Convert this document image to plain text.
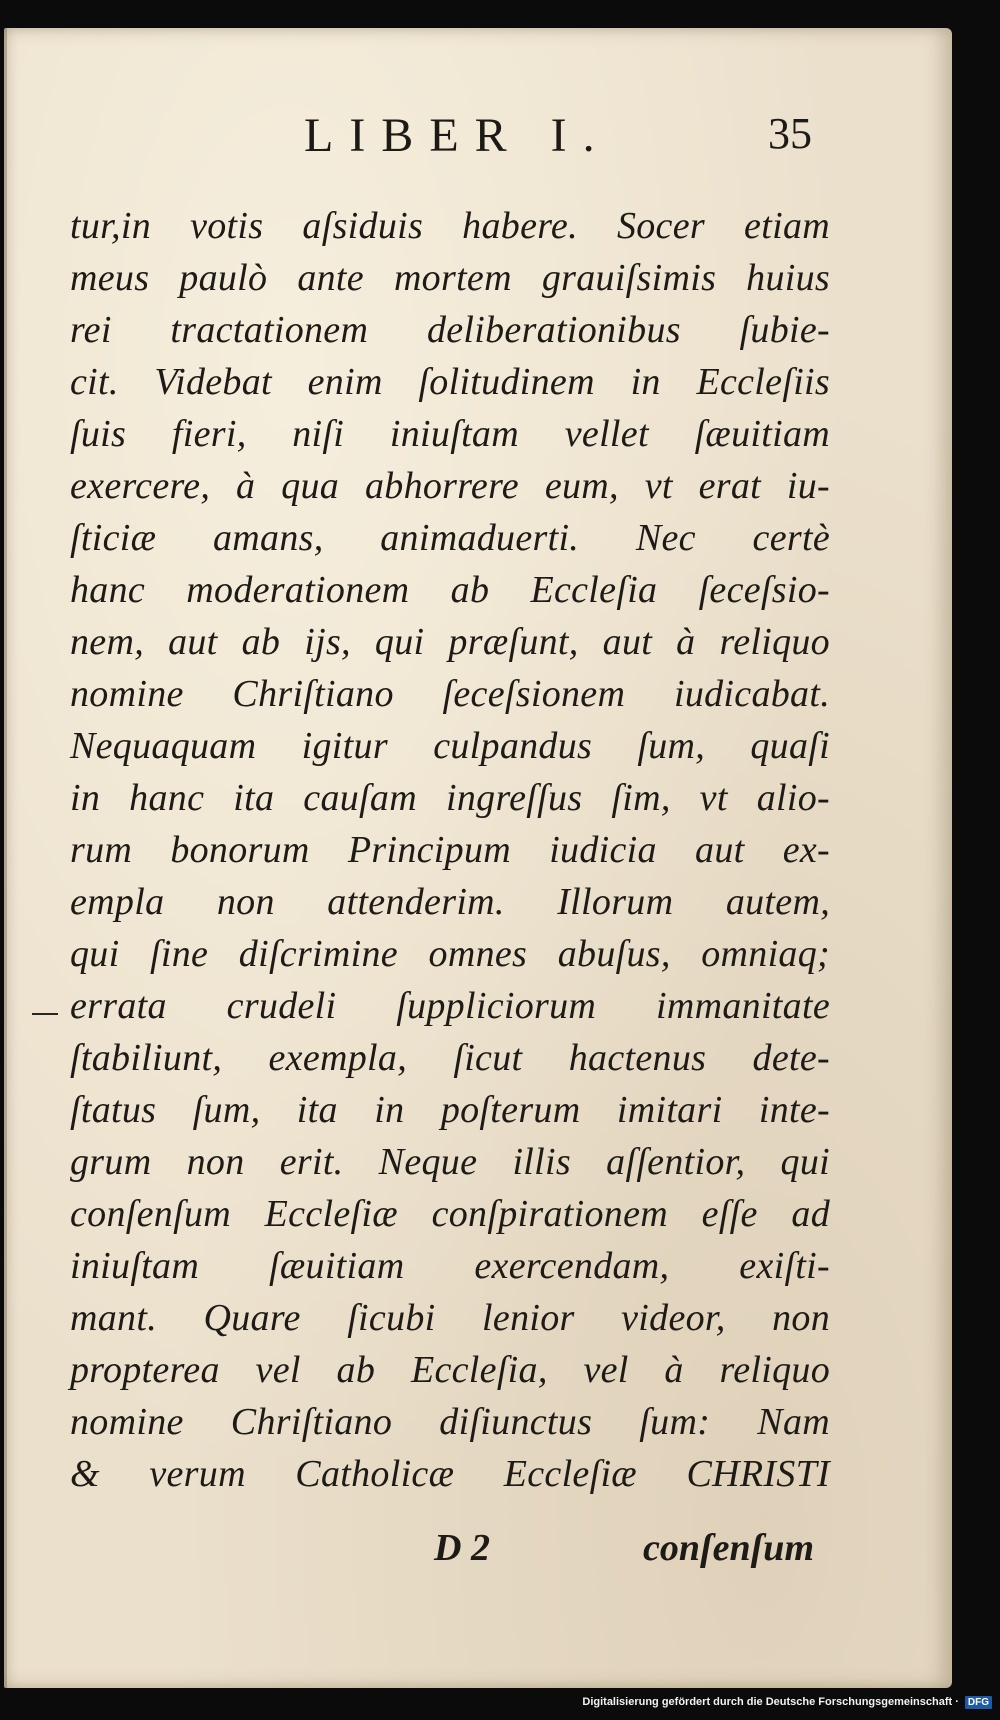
LIBER I.	35
tur,in votis aſsiduis habere. Socer etiam
meus paulò ante mortem grauiſsimis huius
rei tractationem deliberationibus ſubie-
cit. Videbat enim ſolitudinem in Eccleſiis
ſuis fieri, niſi iniuſtam vellet ſæuitiam
exercere, à qua abhorrere eum, vt erat iu-
ſticiæ amans, animaduerti. Nec certè
hanc moderationem ab Eccleſia ſeceſsio-
nem, aut ab ijs, qui præſunt, aut à reliquo
nomine Chriſtiano ſeceſsionem iudicabat.
Nequaquam igitur culpandus ſum, quaſi
in hanc ita cauſam ingreſſus ſim, vt alio-
rum bonorum Principum iudicia aut ex-
empla non attenderim. Illorum autem,
qui ſine diſcrimine omnes abuſus, omniaq;
errata crudeli ſuppliciorum immanitate
ſtabiliunt, exempla, ſicut hactenus dete-
ſtatus ſum, ita in poſterum imitari inte-
grum non erit. Neque illis aſſentior, qui
conſenſum Eccleſiæ conſpirationem eſſe ad
iniuſtam ſæuitiam exercendam, exiſti-
mant. Quare ſicubi lenior videor, non
propterea vel ab Eccleſia, vel à reliquo
nomine Chriſtiano diſiunctus ſum: Nam
& verum Catholicæ Eccleſiæ CHRISTI
D 2	conſenſum
Digitalisierung gefördert durch die Deutsche Forschungsgemeinschaft · DFG
